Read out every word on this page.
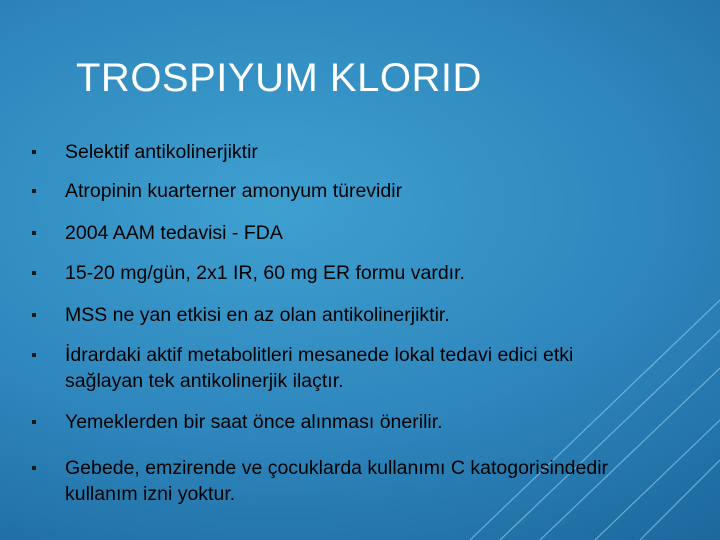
TROSPIYUM KLORID
Selektif antikolinerjiktir
Atropinin kuarterner amonyum türevidir
2004 AAM tedavisi - FDA
15-20 mg/gün, 2x1 IR, 60 mg ER formu vardır.
MSS ne yan etkisi en az olan antikolinerjiktir.
İdrardaki aktif metabolitleri mesanede lokal tedavi edici etki sağlayan tek antikolinerjik ilaçtır.
Yemeklerden bir saat önce alınması önerilir.
Gebede, emzirende ve çocuklarda kullanımı C katogorisindedir kullanım izni yoktur.
